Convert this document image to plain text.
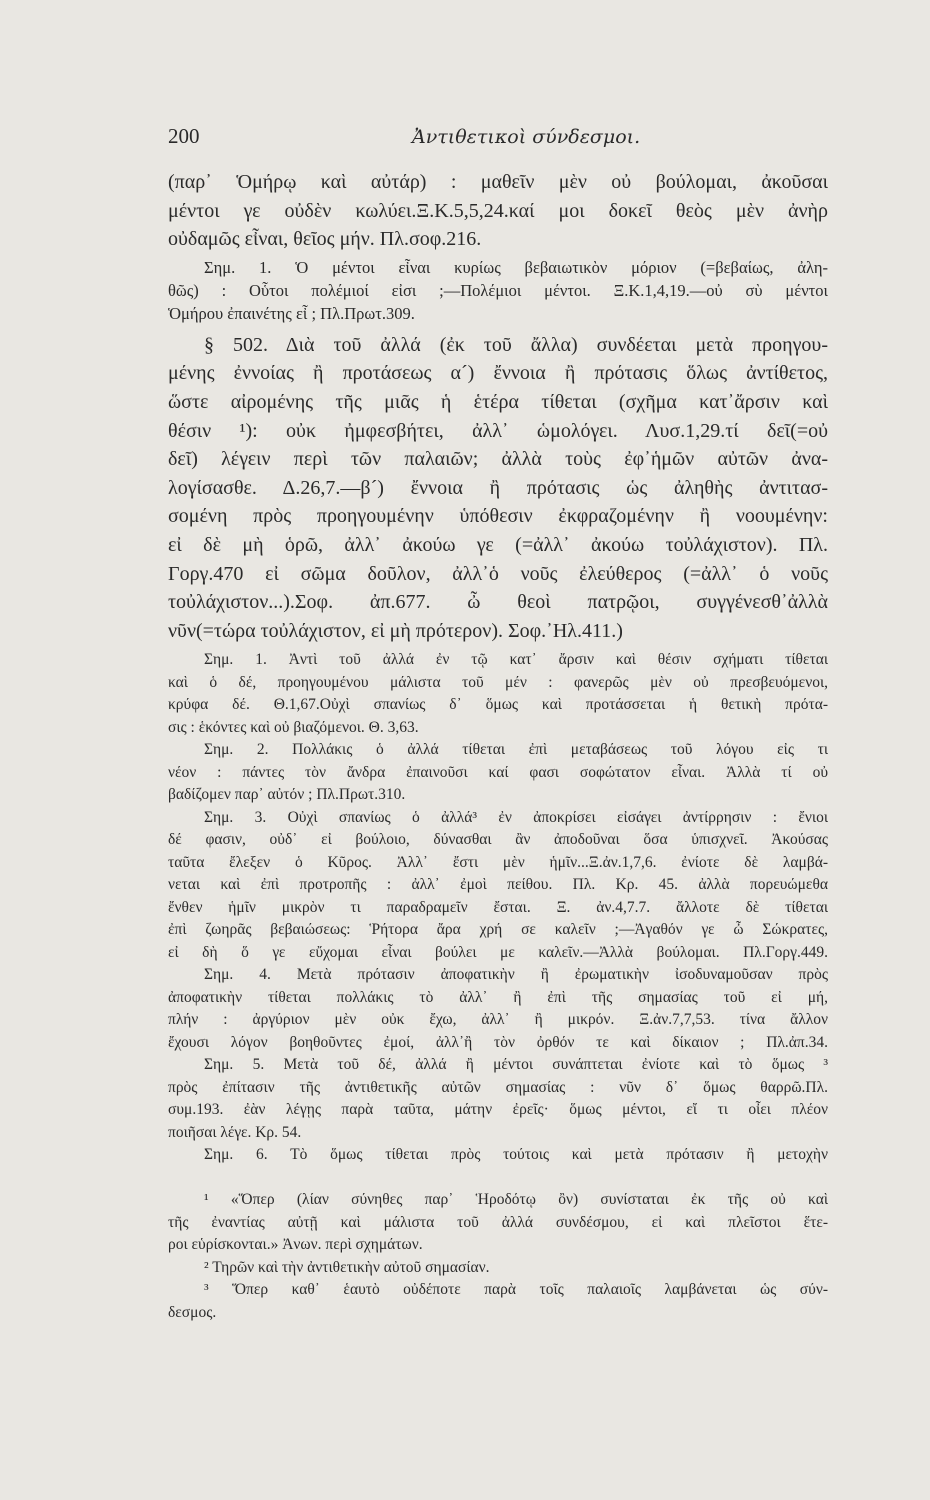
200	Ἀντιθετικοὶ σύνδεσμοι.
(παρ᾽ Ὁμήρῳ καὶ αὐτάρ) : μαθεῖν μὲν οὐ βούλομαι, ἀκοῦσαι
μέντοι γε οὐδὲν κωλύει.Ξ.Κ.5,5,24.καί μοι δοκεῖ θεὸς μὲν ἀνὴρ
οὐδαμῶς εἶναι, θεῖος μήν. Πλ.σοφ.216.
Σημ. 1. Ὁ μέντοι εἶναι κυρίως βεβαιωτικὸν μόριον (=βεβαίως, ἀλη-
θῶς) : Οὗτοι πολέμιοί εἰσι ;—Πολέμιοι μέντοι. Ξ.Κ.1,4,19.—οὐ σὺ μέντοι
Ὁμήρου ἐπαινέτης εἶ ; Πλ.Πρωτ.309.
§ 502. Διὰ τοῦ ἀλλά (ἐκ τοῦ ἄλλα) συνδέεται μετὰ προηγου-
μένης ἐννοίας ἢ προτάσεως α´) ἔννοια ἢ πρότασις ὅλως ἀντίθετος,
ὥστε αἰρομένης τῆς μιᾶς ἡ ἑτέρα τίθεται (σχῆμα κατ᾽ἄρσιν καὶ
θέσιν ¹): οὐκ ἠμφεσβήτει, ἀλλ᾽ ὡμολόγει. Λυσ.1,29.τί δεῖ(=οὐ
δεῖ) λέγειν περὶ τῶν παλαιῶν; ἀλλὰ τοὺς ἐφ᾽ἡμῶν αὐτῶν ἀνα-
λογίσασθε. Δ.26,7.—β´) ἔννοια ἢ πρότασις ὡς ἀληθὴς ἀντιτασ-
σομένη πρὸς προηγουμένην ὑπόθεσιν ἐκφραζομένην ἢ νοουμένην:
εἰ δὲ μὴ ὁρῶ, ἀλλ᾽ ἀκούω γε (=ἀλλ᾽ ἀκούω τοὐλάχιστον). Πλ.
Γοργ.470 εἰ σῶμα δοῦλον, ἀλλ᾽ὁ νοῦς ἐλεύθερος (=ἀλλ᾽ ὁ νοῦς
τοὐλάχιστον...).Σοφ. ἀπ.677. ὦ θεοὶ πατρῷοι, συγγένεσθ᾽ἀλλὰ
νῦν(=τώρα τοὐλάχιστον, εἰ μὴ πρότερον). Σοφ.᾽Ηλ.411.)
Σημ. 1. Ἀντὶ τοῦ ἀλλά ἐν τῷ κατ᾽ ἄρσιν καὶ θέσιν σχήματι τίθεται
καὶ ὁ δέ, προηγουμένου μάλιστα τοῦ μέν : φανερῶς μὲν οὐ πρεσβευόμενοι,
κρύφα δέ. Θ.1,67.Οὐχὶ σπανίως δ᾽ ὅμως καὶ προτάσσεται ἡ θετικὴ πρότα-
σις : ἑκόντες καὶ οὐ βιαζόμενοι. Θ. 3,63.
Σημ. 2. Πολλάκις ὁ ἀλλά τίθεται ἐπὶ μεταβάσεως τοῦ λόγου εἰς τι
νέον : πάντες τὸν ἄνδρα ἐπαινοῦσι καί φασι σοφώτατον εἶναι. Ἀλλὰ τί οὐ
βαδίζομεν παρ᾽ αὐτόν ; Πλ.Πρωτ.310.
Σημ. 3. Οὐχὶ σπανίως ὁ ἀλλά³ ἐν ἀποκρίσει εἰσάγει ἀντίρρησιν : ἔνιοι
δέ φασιν, οὐδ᾽ εἰ βούλοιο, δύνασθαι ἂν ἀποδοῦναι ὅσα ὑπισχνεῖ. Ἀκούσας
ταῦτα ἔλεξεν ὁ Κῦρος. Ἀλλ᾽ ἔστι μὲν ἡμῖν...Ξ.ἀν.1,7,6. ἐνίοτε δὲ λαμβά-
νεται καὶ ἐπὶ προτροπῆς : ἀλλ᾽ ἐμοὶ πείθου. Πλ. Κρ. 45. ἀλλὰ πορευώμεθα
ἔνθεν ἡμῖν μικρὸν τι παραδραμεῖν ἔσται. Ξ. ἀν.4,7.7. ἄλλοτε δὲ τίθεται
ἐπὶ ζωηρᾶς βεβαιώσεως: Ῥήτορα ἄρα χρή σε καλεῖν ;—Ἀγαθόν γε ὦ Σώκρατες,
εἰ δὴ ὅ γε εὔχομαι εἶναι βούλει με καλεῖν.—Ἀλλὰ βούλομαι. Πλ.Γοργ.449.
Σημ. 4. Μετὰ πρότασιν ἀποφατικὴν ἢ ἐρωματικὴν ἰσοδυναμοῦσαν πρὸς
ἀποφατικὴν τίθεται πολλάκις τὸ ἀλλ᾽ ἢ ἐπὶ τῆς σημασίας τοῦ εἰ μή,
πλήν : ἀργύριον μὲν οὐκ ἔχω, ἀλλ᾽ ἢ μικρόν. Ξ.ἀν.7,7,53. τίνα ἄλλον
ἔχουσι λόγον βοηθοῦντες ἐμοί, ἀλλ᾽ἢ τὸν ὀρθόν τε καὶ δίκαιον ; Πλ.ἀπ.34.
Σημ. 5. Μετὰ τοῦ δέ, ἀλλά ἢ μέντοι συνάπτεται ἐνίοτε καὶ τὸ ὅμως ³
πρὸς ἐπίτασιν τῆς ἀντιθετικῆς αὐτῶν σημασίας : νῦν δ᾽ ὅμως θαρρῶ.Πλ.
συμ.193. ἐὰν λέγῃς παρὰ ταῦτα, μάτην ἐρεῖς· ὅμως μέντοι, εἴ τι οἶει πλέον
ποιῆσαι λέγε. Κρ. 54.
Σημ. 6. Τὸ ὅμως τίθεται πρὸς τούτοις καὶ μετὰ πρότασιν ἢ μετοχὴν
¹ «Ὅπερ (λίαν σύνηθες παρ᾽ Ἡροδότῳ ὂν) συνίσταται ἐκ τῆς οὐ καὶ
τῆς ἐναντίας αὐτῇ καὶ μάλιστα τοῦ ἀλλά συνδέσμου, εἰ καὶ πλεῖστοι ἕτε-
ροι εὑρίσκονται.» Ἀνων. περὶ σχημάτων.
² Τηρῶν καὶ τὴν ἀντιθετικὴν αὐτοῦ σημασίαν.
³ Ὅπερ καθ᾽ ἑαυτὸ οὐδέποτε παρὰ τοῖς παλαιοῖς λαμβάνεται ὡς σύν-
δεσμος.
